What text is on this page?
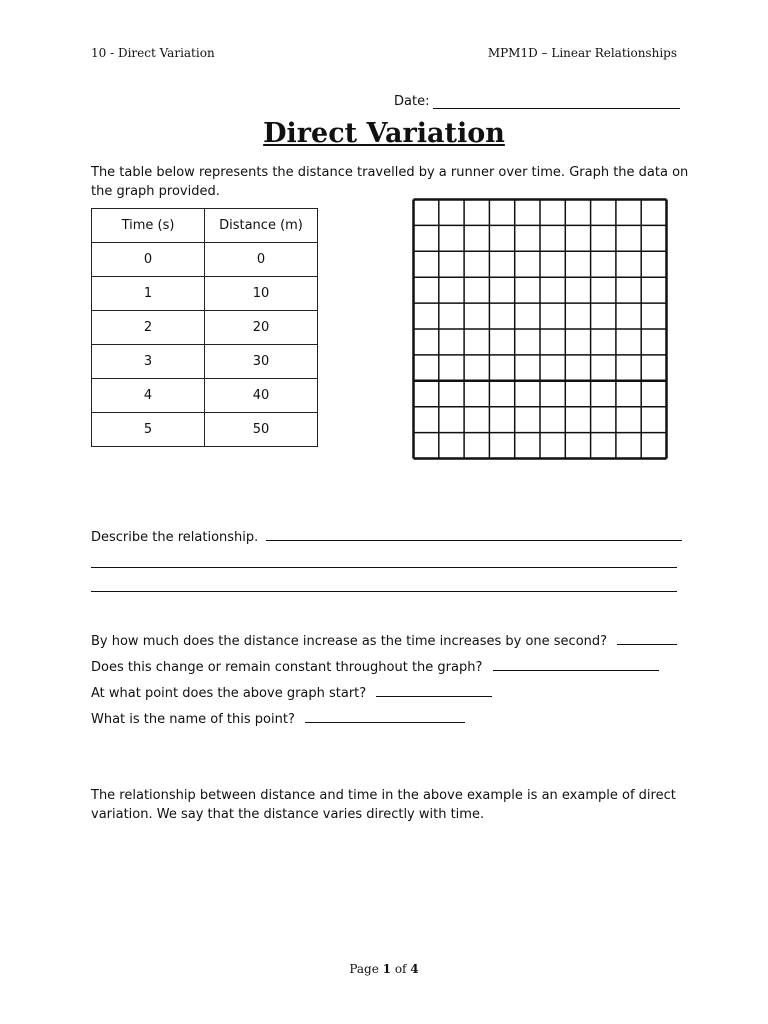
10 - Direct Variation	MPM1D – Linear Relationships
Date:
Direct Variation
The table below represents the distance travelled by a runner over time. Graph the data on the graph provided.
Time (s)	Distance (m)
0	0
1	10
2	20
3	30
4	40
5	50
Describe the relationship.
By how much does the distance increase as the time increases by one second?
Does this change or remain constant throughout the graph?
At what point does the above graph start?
What is the name of this point?
The relationship between distance and time in the above example is an example of direct variation. We say that the distance varies directly with time.
Page 1 of 4
